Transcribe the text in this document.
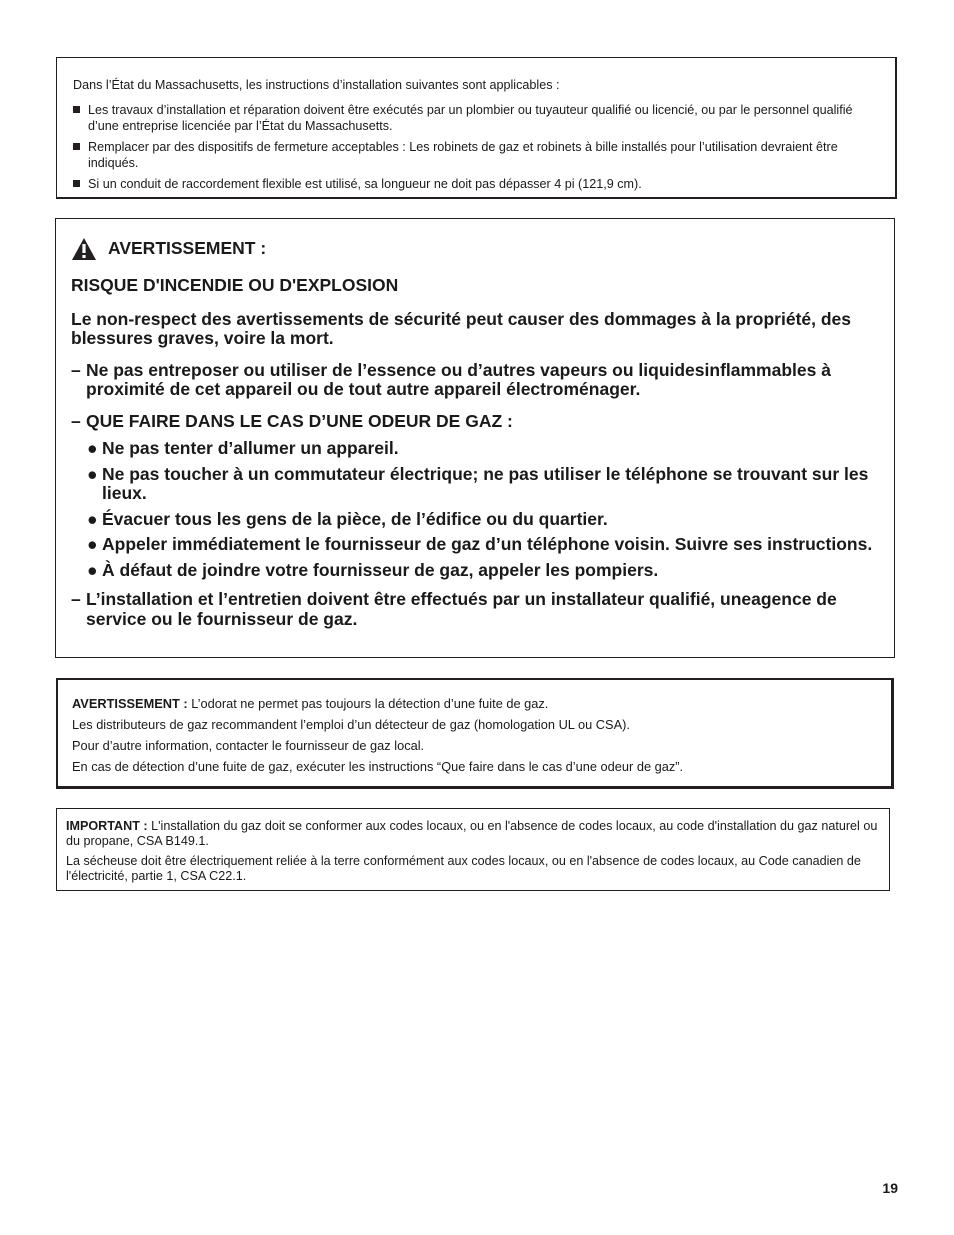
Dans l’État du Massachusetts, les instructions d’installation suivantes sont applicables :

Les travaux d’installation et réparation doivent être exécutés par un plombier ou tuyauteur qualifié ou licencié, ou par le personnel qualifié d’une entreprise licenciée par l’État du Massachusetts.
Remplacer par des dispositifs de fermeture acceptables : Les robinets de gaz et robinets à bille installés pour l’utilisation devraient être indiqués.
Si un conduit de raccordement flexible est utilisé, sa longueur ne doit pas dépasser 4 pi (121,9 cm).
AVERTISSEMENT :

RISQUE D'INCENDIE OU D'EXPLOSION

Le non-respect des avertissements de sécurité peut causer des dommages à la propriété, des blessures graves, voire la mort.

– Ne pas entreposer ou utiliser de l’essence ou d’autres vapeurs ou liquidesinflammables à proximité de cet appareil ou de tout autre appareil électroménager.
– QUE FAIRE DANS LE CAS D’UNE ODEUR DE GAZ :
● Ne pas tenter d’allumer un appareil.
● Ne pas toucher à un commutateur électrique; ne pas utiliser le téléphone se trouvant sur les lieux.
● Évacuer tous les gens de la pièce, de l’édifice ou du quartier.
● Appeler immédiatement le fournisseur de gaz d’un téléphone voisin. Suivre ses instructions.
● À défaut de joindre votre fournisseur de gaz, appeler les pompiers.
– L’installation et l’entretien doivent être effectués par un installateur qualifié, uneagence de service ou le fournisseur de gaz.

AVERTISSEMENT : L’odorat ne permet pas toujours la détection d’une fuite de gaz.

Les distributeurs de gaz recommandent l’emploi d’un détecteur de gaz (homologation UL ou CSA).

Pour d’autre information, contacter le fournisseur de gaz local.

En cas de détection d’une fuite de gaz, exécuter les instructions “Que faire dans le cas d’une odeur de gaz”.

IMPORTANT : L'installation du gaz doit se conformer aux codes locaux, ou en l'absence de codes locaux, au code d'installation du gaz naturel ou du propane, CSA B149.1.

La sécheuse doit être électriquement reliée à la terre conformément aux codes locaux, ou en l'absence de codes locaux, au Code canadien de l'électricité, partie 1, CSA C22.1.

19
